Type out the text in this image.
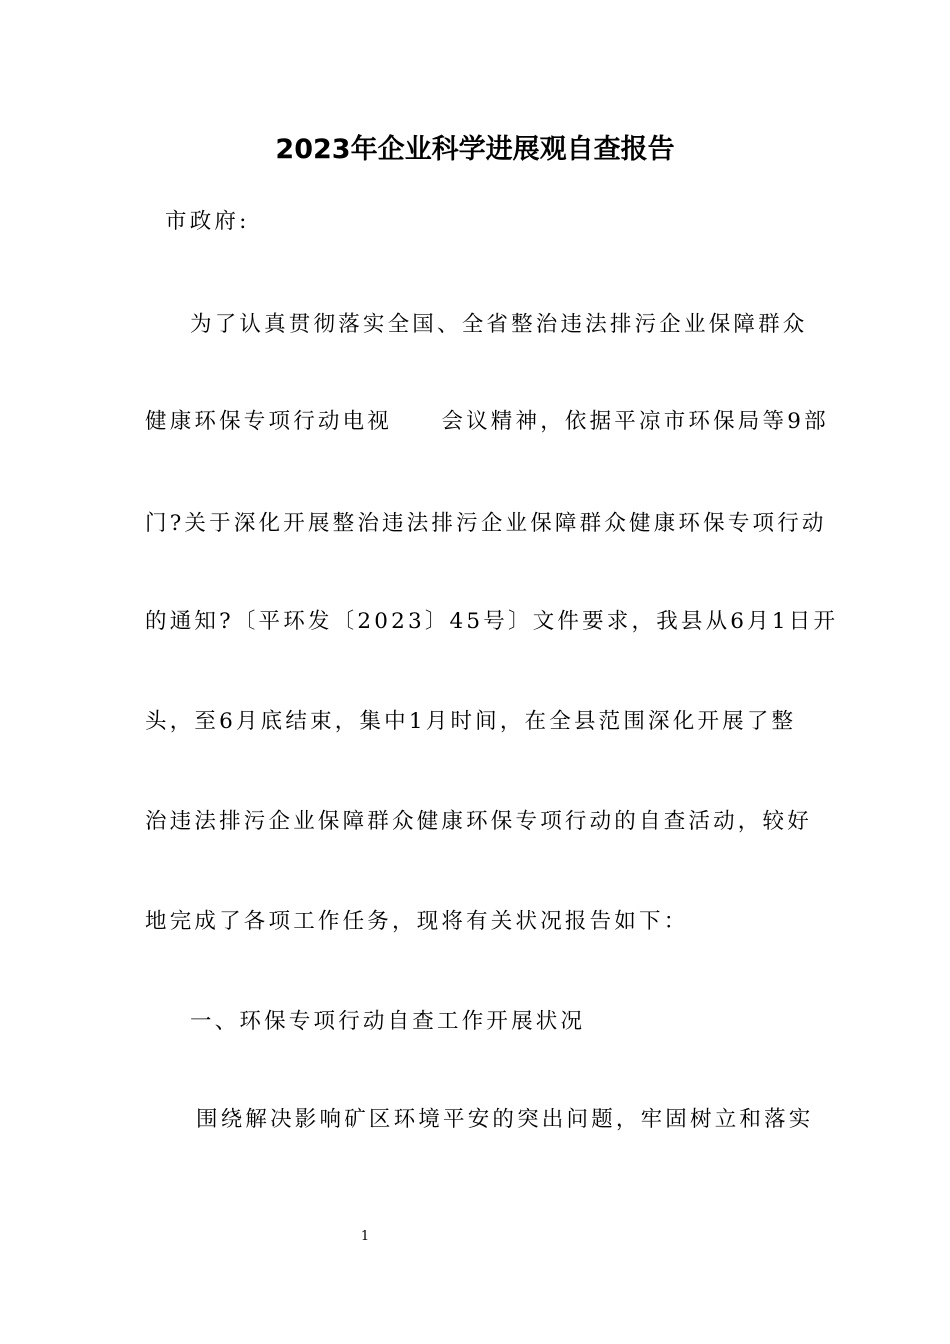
2023年企业科学进展观自查报告

市政府:

为了认真贯彻落实全国、全省整治违法排污企业保障群众

健康环保专项行动电视　　会议精神，依据平凉市环保局等9部

门?关于深化开展整治违法排污企业保障群众健康环保专项行动

的通知?〔平环发〔2023〕45号〕文件要求，我县从6月1日开

头，至6月底结束，集中1月时间，在全县范围深化开展了整

治违法排污企业保障群众健康环保专项行动的自查活动，较好

地完成了各项工作任务，现将有关状况报告如下：

一、环保专项行动自查工作开展状况

围绕解决影响矿区环境平安的突出问题，牢固树立和落实

1
